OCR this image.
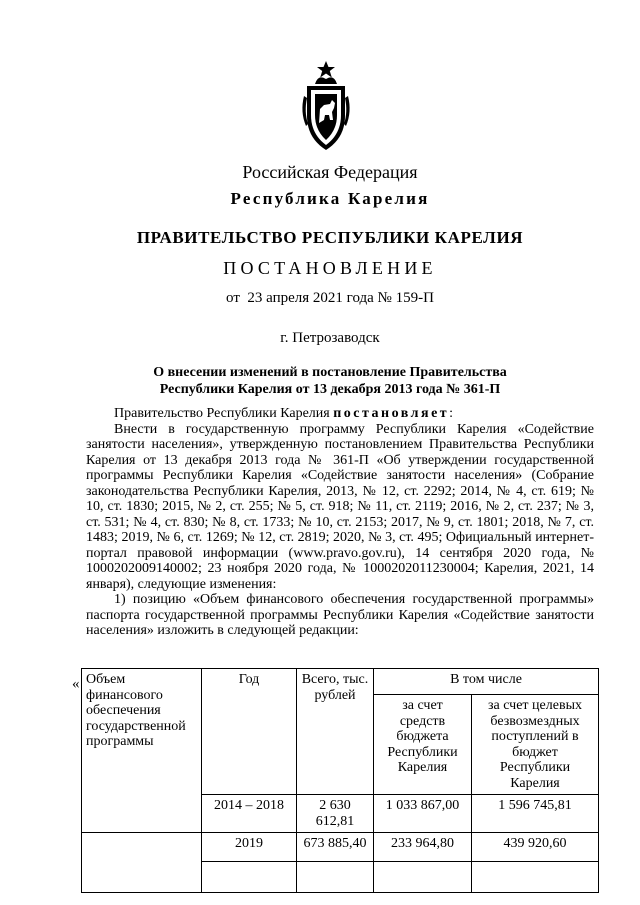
Российская Федерация
Республика Карелия
ПРАВИТЕЛЬСТВО РЕСПУБЛИКИ КАРЕЛИЯ
ПОСТАНОВЛЕНИЕ
от  23 апреля 2021 года № 159-П
г. Петрозаводск
О внесении изменений в постановление Правительства
Республики Карелия от 13 декабря 2013 года № 361-П

Правительство Республики Карелия постановляет:

Внести в государственную программу Республики Карелия «Содействие занятости населения», утвержденную постановлением Правительства Республики Карелия от 13 декабря 2013 года № 361-П «Об утверждении государственной программы Республики Карелия «Содействие занятости населения» (Собрание законодательства Республики Карелия, 2013, № 12, ст. 2292; 2014, № 4, ст. 619; № 10, ст. 1830; 2015, № 2, ст. 255; № 5, ст. 918; № 11, ст. 2119; 2016, № 2, ст. 237; № 3, ст. 531; № 4, ст. 830; № 8, ст. 1733; № 10, ст. 2153; 2017, № 9, ст. 1801; 2018, № 7, ст. 1483; 2019, № 6, ст. 1269; № 12, ст. 2819; 2020, № 3, ст. 495; Официальный интернет-портал правовой информации (www.pravo.gov.ru), 14 сентября 2020 года, № 1000202009140002; 23 ноября 2020 года, № 1000202011230004; Карелия, 2021, 14 января), следующие изменения:

1) позицию «Объем финансового обеспечения государственной программы» паспорта государственной программы Республики Карелия «Содействие занятости населения» изложить в следующей редакции:

« Объем финансового обеспечения государственной программы	Год	Всего, тыс. рублей	В том числе	
			за счет средств бюджета Республики Карелия	за счет целевых безвозмездных поступлений в бюджет Республики Карелия
	2014 – 2018	2 630 612,81	1 033 867,00	1 596 745,81
	2019	673 885,40	233 964,80	439 920,60
